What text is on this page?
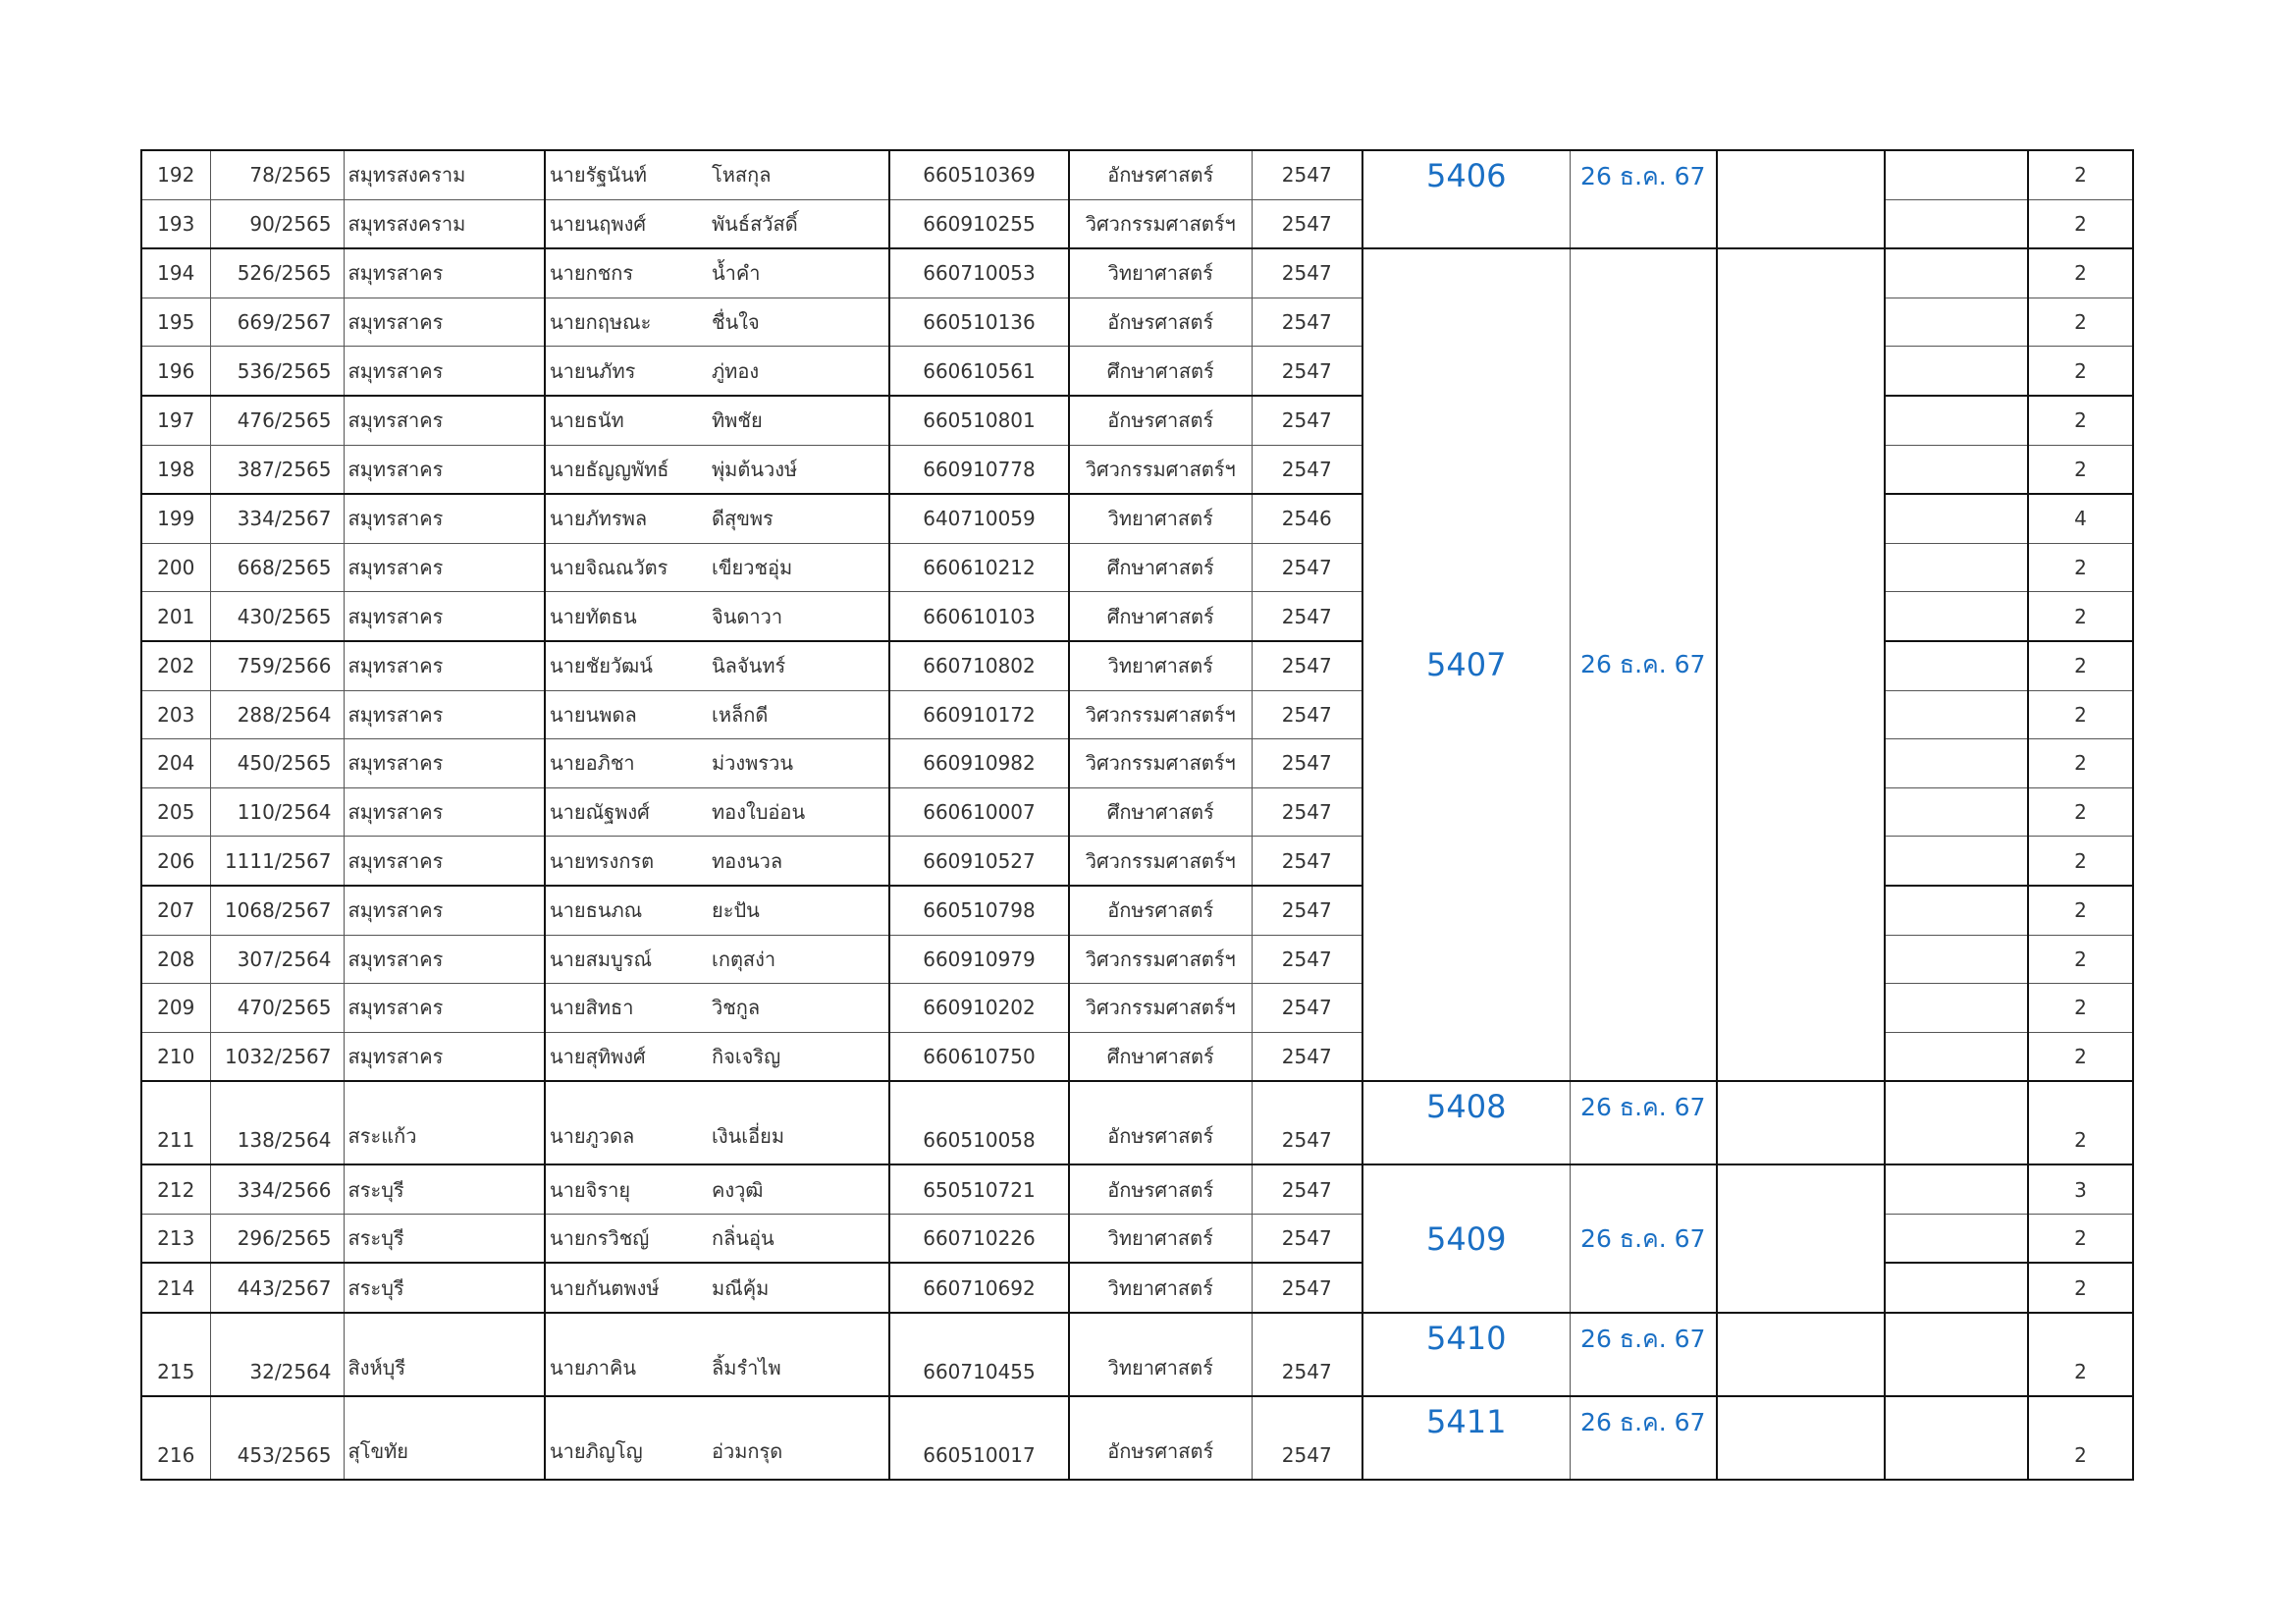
192	78/2565	สมุทรสงคราม	นายรัฐนันท์	โหสกุล	660510369	อักษรศาสตร์	2547	5406	26 ธ.ค. 67			2
193	90/2565	สมุทรสงคราม	นายนฤพงศ์	พันธ์สวัสดิ์	660910255	วิศวกรรมศาสตร์ฯ	2547					2
194	526/2565	สมุทรสาคร	นายกชกร	น้ำคำ	660710053	วิทยาศาสตร์	2547	5407	26 ธ.ค. 67			2
195	669/2567	สมุทรสาคร	นายกฤษณะ	ชื่นใจ	660510136	อักษรศาสตร์	2547					2
196	536/2565	สมุทรสาคร	นายนภัทร	ภู่ทอง	660610561	ศึกษาศาสตร์	2547					2
197	476/2565	สมุทรสาคร	นายธนัท	ทิพชัย	660510801	อักษรศาสตร์	2547					2
198	387/2565	สมุทรสาคร	นายธัญญพัทธ์	พุ่มต้นวงษ์	660910778	วิศวกรรมศาสตร์ฯ	2547					2
199	334/2567	สมุทรสาคร	นายภัทรพล	ดีสุขพร	640710059	วิทยาศาสตร์	2546					4
200	668/2565	สมุทรสาคร	นายจิณณวัตร	เขียวชอุ่ม	660610212	ศึกษาศาสตร์	2547					2
201	430/2565	สมุทรสาคร	นายทัตธน	จินดาวา	660610103	ศึกษาศาสตร์	2547					2
202	759/2566	สมุทรสาคร	นายชัยวัฒน์	นิลจันทร์	660710802	วิทยาศาสตร์	2547					2
203	288/2564	สมุทรสาคร	นายนพดล	เหล็กดี	660910172	วิศวกรรมศาสตร์ฯ	2547					2
204	450/2565	สมุทรสาคร	นายอภิชา	ม่วงพรวน	660910982	วิศวกรรมศาสตร์ฯ	2547					2
205	110/2564	สมุทรสาคร	นายณัฐพงศ์	ทองใบอ่อน	660610007	ศึกษาศาสตร์	2547					2
206	1111/2567	สมุทรสาคร	นายทรงกรต	ทองนวล	660910527	วิศวกรรมศาสตร์ฯ	2547					2
207	1068/2567	สมุทรสาคร	นายธนภณ	ยะปัน	660510798	อักษรศาสตร์	2547					2
208	307/2564	สมุทรสาคร	นายสมบูรณ์	เกตุสง่า	660910979	วิศวกรรมศาสตร์ฯ	2547					2
209	470/2565	สมุทรสาคร	นายสิทธา	วิชกูล	660910202	วิศวกรรมศาสตร์ฯ	2547					2
210	1032/2567	สมุทรสาคร	นายสุทิพงศ์	กิจเจริญ	660610750	ศึกษาศาสตร์	2547					2
211	138/2564	สระแก้ว	นายภูวดล	เงินเอี่ยม	660510058	อักษรศาสตร์	2547	5408	26 ธ.ค. 67			2
212	334/2566	สระบุรี	นายจิรายุ	คงวุฒิ	650510721	อักษรศาสตร์	2547	5409	26 ธ.ค. 67			3
213	296/2565	สระบุรี	นายกรวิชญ์	กลิ่นอุ่น	660710226	วิทยาศาสตร์	2547					2
214	443/2567	สระบุรี	นายกันตพงษ์	มณีคุ้ม	660710692	วิทยาศาสตร์	2547					2
215	32/2564	สิงห์บุรี	นายภาคิน	ลิ้มรำไพ	660710455	วิทยาศาสตร์	2547	5410	26 ธ.ค. 67			2
216	453/2565	สุโขทัย	นายภิญโญ	อ่วมกรุด	660510017	อักษรศาสตร์	2547	5411	26 ธ.ค. 67			2
